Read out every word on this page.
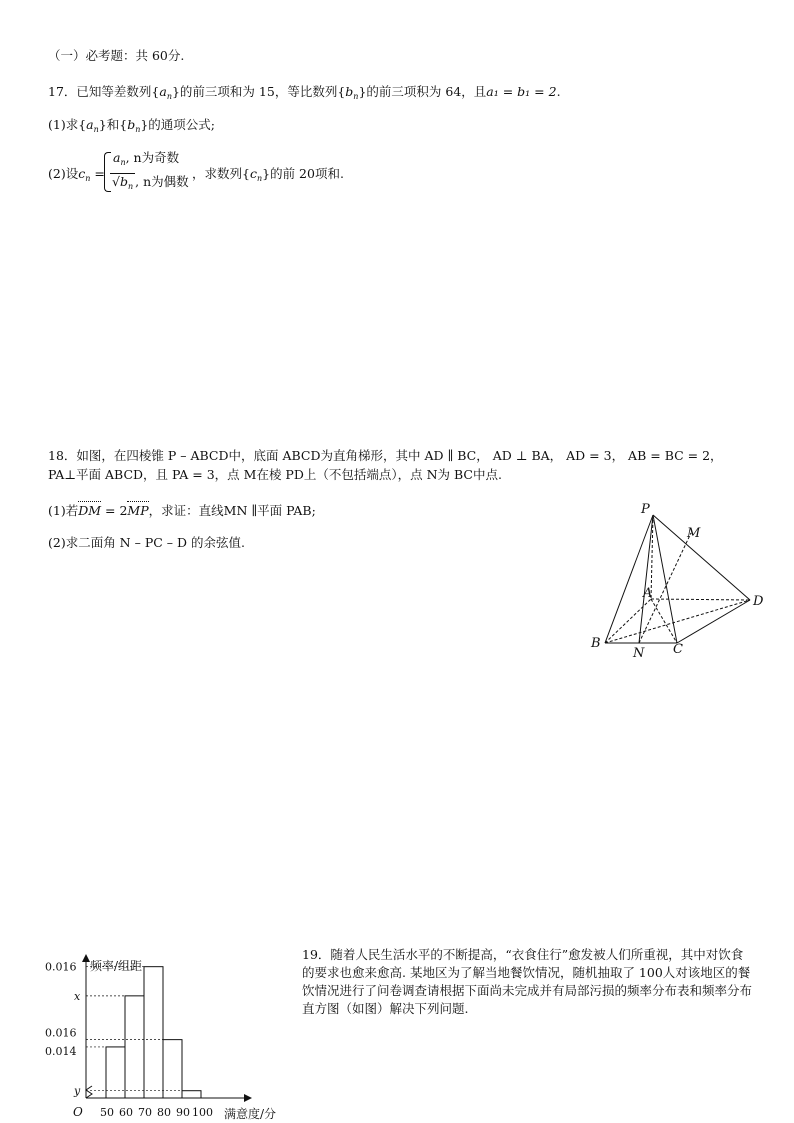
（一）必考题：共 60分.
17．已知等差数列$\{a_n\}$的前三项和为 15，等比数列$\{b_n\}$的前三项积为 64，且a₁ = b₁ = 2.
(1)求$\{a_n\}$和$\{b_n\}$的通项公式;
(2)设$c_n$ =
$a_n$, n为奇数
$√b_n$ , n为偶数
，求数列$\{c_n\}$的前 20项和.
18．如图，在四棱锥 P – ABCD中，底面 ABCD为直角梯形，其中 AD ∥ BC， AD ⊥ BA， AD = 3， AB = BC = 2，
PA⊥平面 ABCD，且 PA = 3，点 M在棱 PD上（不包括端点），点 N为 BC中点.
(1)若DM = 2MP，求证：直线MN ∥平面 PAB;
(2)求二面角 N – PC – D 的余弦值.
P
M
A
D
B
N C
0.016
x
0.016
0.014
y
50 60 70 80 90 100
频率/组距
满意度/分
O
19．随着人民生活水平的不断提高，“衣食住行”愈发被人们所重视，其中对饮食的要求也愈来愈高. 某地区为了解当地餐饮情况，随机抽取了 100人对该地区的餐饮情况进行了问卷调查请根据下面尚未完成并有局部污损的频率分布表和频率分布直方图（如图）解决下列问题.
